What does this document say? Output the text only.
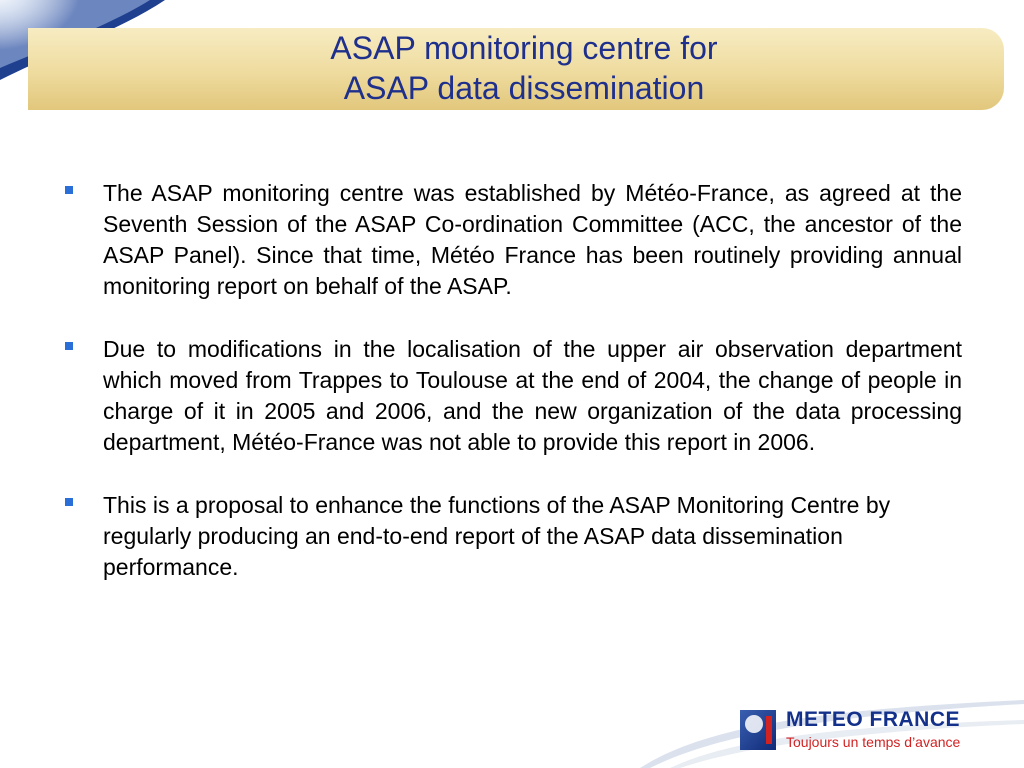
ASAP monitoring centre for
ASAP data dissemination
The ASAP monitoring centre was established by Météo-France, as agreed at the Seventh Session of the ASAP Co-ordination Committee (ACC, the ancestor of the ASAP Panel). Since that time, Météo France has been routinely providing annual monitoring report on behalf of the ASAP.
Due to modifications in the localisation of the upper air observation department which moved from Trappes to Toulouse at the end of 2004, the change of people in charge of it in 2005 and 2006, and the new organization of the data processing department, Météo-France was not able to provide this report in 2006.
This is a proposal to enhance the functions of the ASAP Monitoring Centre by regularly producing an end-to-end report of the ASAP data dissemination performance.
METEO FRANCE
Toujours un temps d’avance
